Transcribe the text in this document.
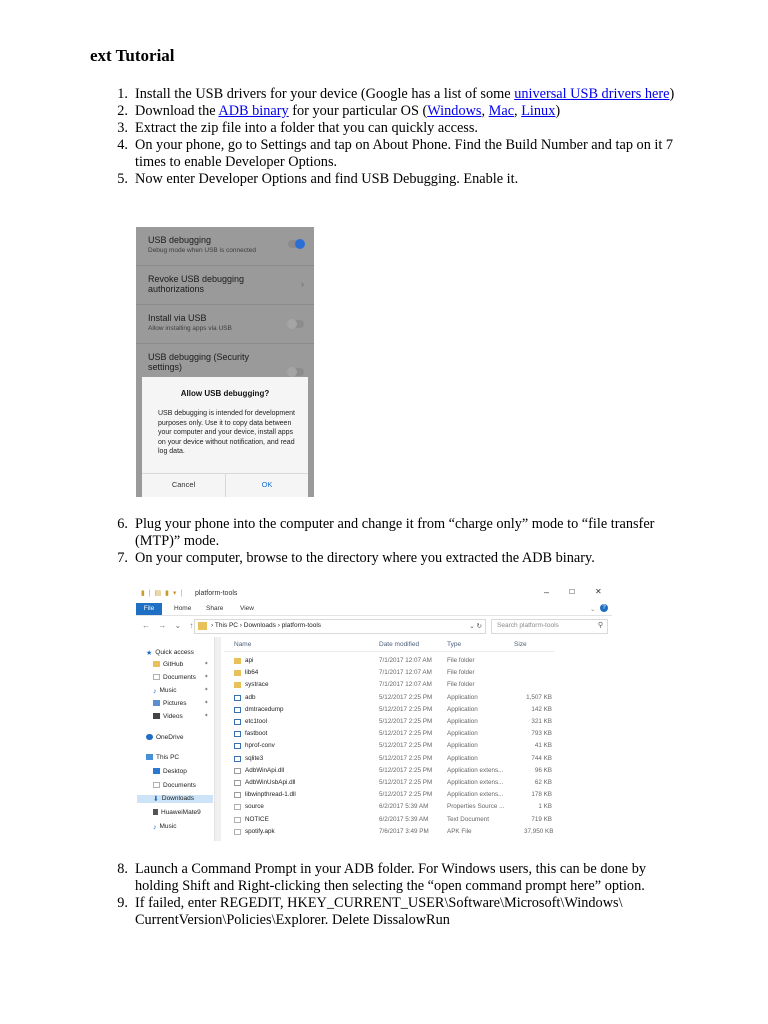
ext Tutorial
1. Install the USB drivers for your device (Google has a list of some universal USB drivers here)
2. Download the ADB binary for your particular OS (Windows, Mac, Linux)
3. Extract the zip file into a folder that you can quickly access.
4. On your phone, go to Settings and tap on About Phone. Find the Build Number and tap on it 7 times to enable Developer Options.
5. Now enter Developer Options and find USB Debugging. Enable it.
USB debugging
Debug mode when USB is connected
Revoke USB debugging authorizations	›
Install via USB
Allow installing apps via USB
USB debugging (Security settings)
Allow USB debugging?
USB debugging is intended for development purposes only. Use it to copy data between your computer and your device, install apps on your device without notification, and read log data.
Cancel	OK
6. Plug your phone into the computer and change it from “charge only” mode to “file transfer (MTP)” mode.
7. On your computer, browse to the directory where you extracted the ADB binary.
▮ | ▤ ▮ ▾ | platform-tools	–	☐ ✕
File	Home Share	View	⌄	?
← → ⌄ ↑ › This PC › Downloads › platform-tools	⌄ ↻ Search platform-tools	⚲
★ Quick access
GitHub	✦
Documents ✦
♪ Music	✦
Pictures	✦
Videos	✦
OneDrive
This PC
Desktop
Documents
⬇ Downloads
HuaweiMate9
♪ Music
Name	Date modified	Type	Size
api	7/1/2017 12:07 AM File folder
lib64	7/1/2017 12:07 AM File folder
systrace	7/1/2017 12:07 AM File folder
adb	5/12/2017 2:25 PM Application	1,507 KB
dmtracedump	5/12/2017 2:25 PM Application	142 KB
etc1tool	5/12/2017 2:25 PM Application	321 KB
fastboot	5/12/2017 2:25 PM Application	793 KB
hprof-conv	5/12/2017 2:25 PM Application	41 KB
sqlite3	5/12/2017 2:25 PM Application	744 KB
AdbWinApi.dll	5/12/2017 2:25 PM Application extens...	96 KB
AdbWinUsbApi.dll	5/12/2017 2:25 PM Application extens...	62 KB
libwinpthread-1.dll	5/12/2017 2:25 PM Application extens...	178 KB
source	6/2/2017 5:39 AM	Properties Source ...	1 KB
NOTICE	6/2/2017 5:39 AM	Text Document	719 KB
spotify.apk	7/6/2017 3:49 PM	APK File	37,950 KB
8. Launch a Command Prompt in your ADB folder. For Windows users, this can be done by holding Shift and Right-clicking then selecting the “open command prompt here” option.
9. If failed, enter REGEDIT, HKEY_CURRENT_USER\Software\Microsoft\Windows\ CurrentVersion\Policies\Explorer. Delete DissalowRun
